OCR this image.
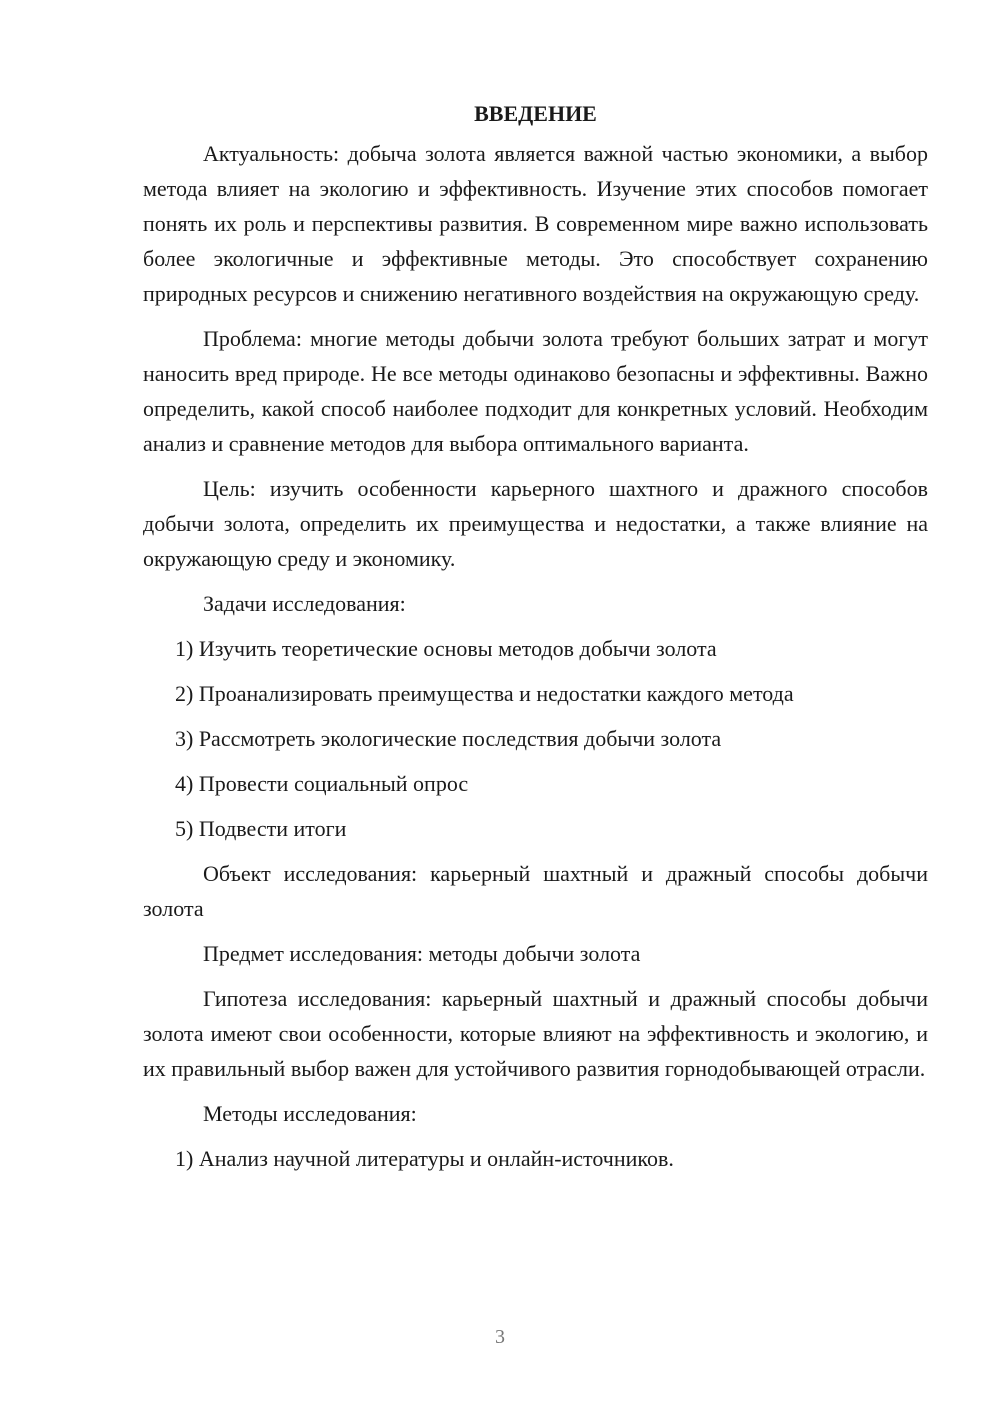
ВВЕДЕНИЕ

Актуальность: добыча золота является важной частью экономики, а выбор метода влияет на экологию и эффективность. Изучение этих способов помогает понять их роль и перспективы развития. В современном мире важно использовать более экологичные и эффективные методы. Это способствует сохранению природных ресурсов и снижению негативного воздействия на окружающую среду.

Проблема: многие методы добычи золота требуют больших затрат и могут наносить вред природе. Не все методы одинаково безопасны и эффективны. Важно определить, какой способ наиболее подходит для конкретных условий. Необходим анализ и сравнение методов для выбора оптимального варианта.

Цель: изучить особенности карьерного шахтного и дражного способов добычи золота, определить их преимущества и недостатки, а также влияние на окружающую среду и экономику.

Задачи исследования:

1) Изучить теоретические основы методов добычи золота
2) Проанализировать преимущества и недостатки каждого метода
3) Рассмотреть экологические последствия добычи золота
4) Провести социальный опрос
5) Подвести итоги

Объект исследования: карьерный шахтный и дражный способы добычи золота

Предмет исследования: методы добычи золота

Гипотеза исследования: карьерный шахтный и дражный способы добычи золота имеют свои особенности, которые влияют на эффективность и экологию, и их правильный выбор важен для устойчивого развития горнодобывающей отрасли.

Методы исследования:

1) Анализ научной литературы и онлайн-источников.
3
